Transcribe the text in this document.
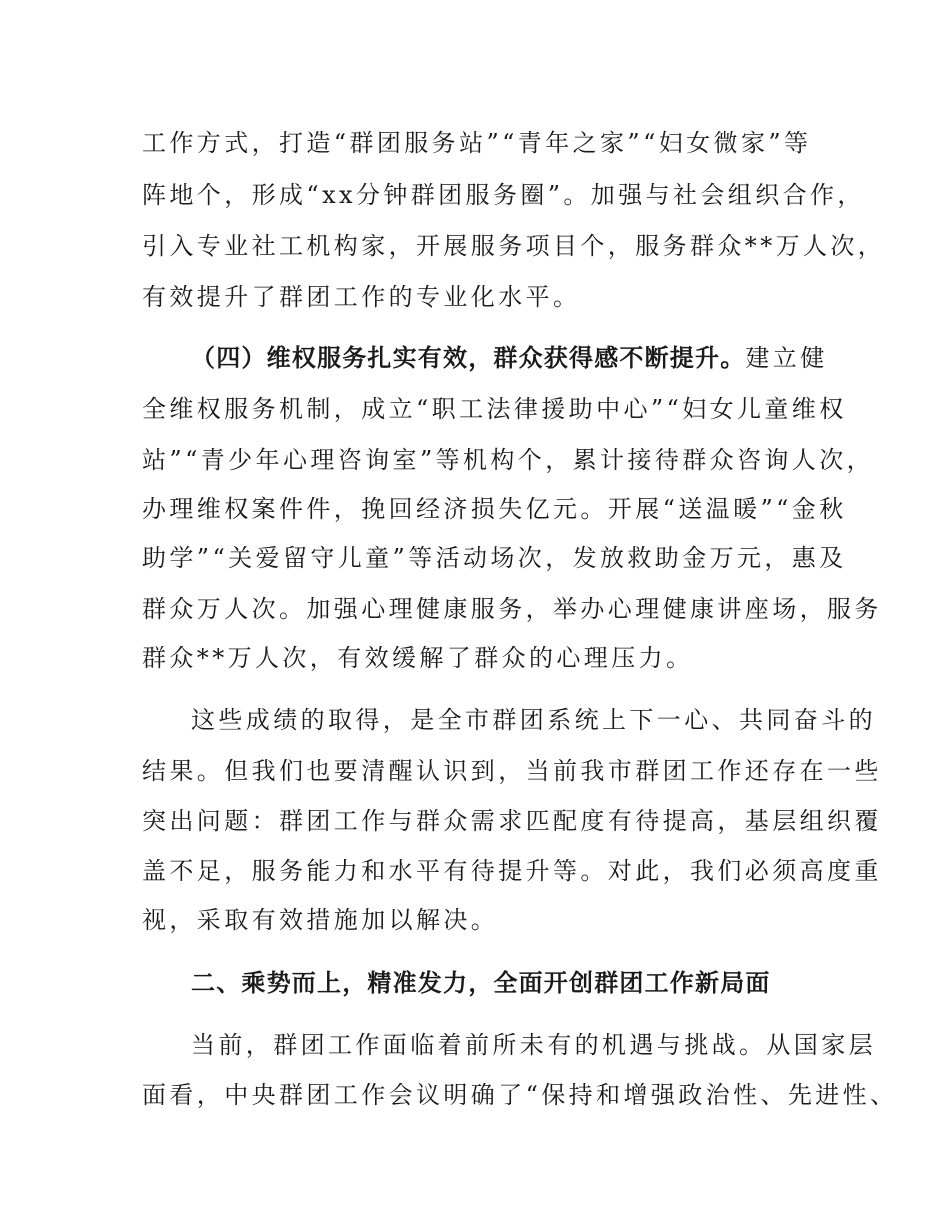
工作方式，打造“群团服务站”“青年之家”“妇女微家”等
阵地个，形成“xx分钟群团服务圈”。加强与社会组织合作，
引入专业社工机构家，开展服务项目个，服务群众**万人次，
有效提升了群团工作的专业化水平。
（四）维权服务扎实有效，群众获得感不断提升。建立健
全维权服务机制，成立“职工法律援助中心”“妇女儿童维权
站”“青少年心理咨询室”等机构个，累计接待群众咨询人次，
办理维权案件件，挽回经济损失亿元。开展“送温暖”“金秋
助学”“关爱留守儿童”等活动场次，发放救助金万元，惠及
群众万人次。加强心理健康服务，举办心理健康讲座场，服务
群众**万人次，有效缓解了群众的心理压力。
这些成绩的取得，是全市群团系统上下一心、共同奋斗的
结果。但我们也要清醒认识到，当前我市群团工作还存在一些
突出问题：群团工作与群众需求匹配度有待提高，基层组织覆
盖不足，服务能力和水平有待提升等。对此，我们必须高度重
视，采取有效措施加以解决。
二、乘势而上，精准发力，全面开创群团工作新局面
当前，群团工作面临着前所未有的机遇与挑战。从国家层
面看，中央群团工作会议明确了“保持和增强政治性、先进性、
